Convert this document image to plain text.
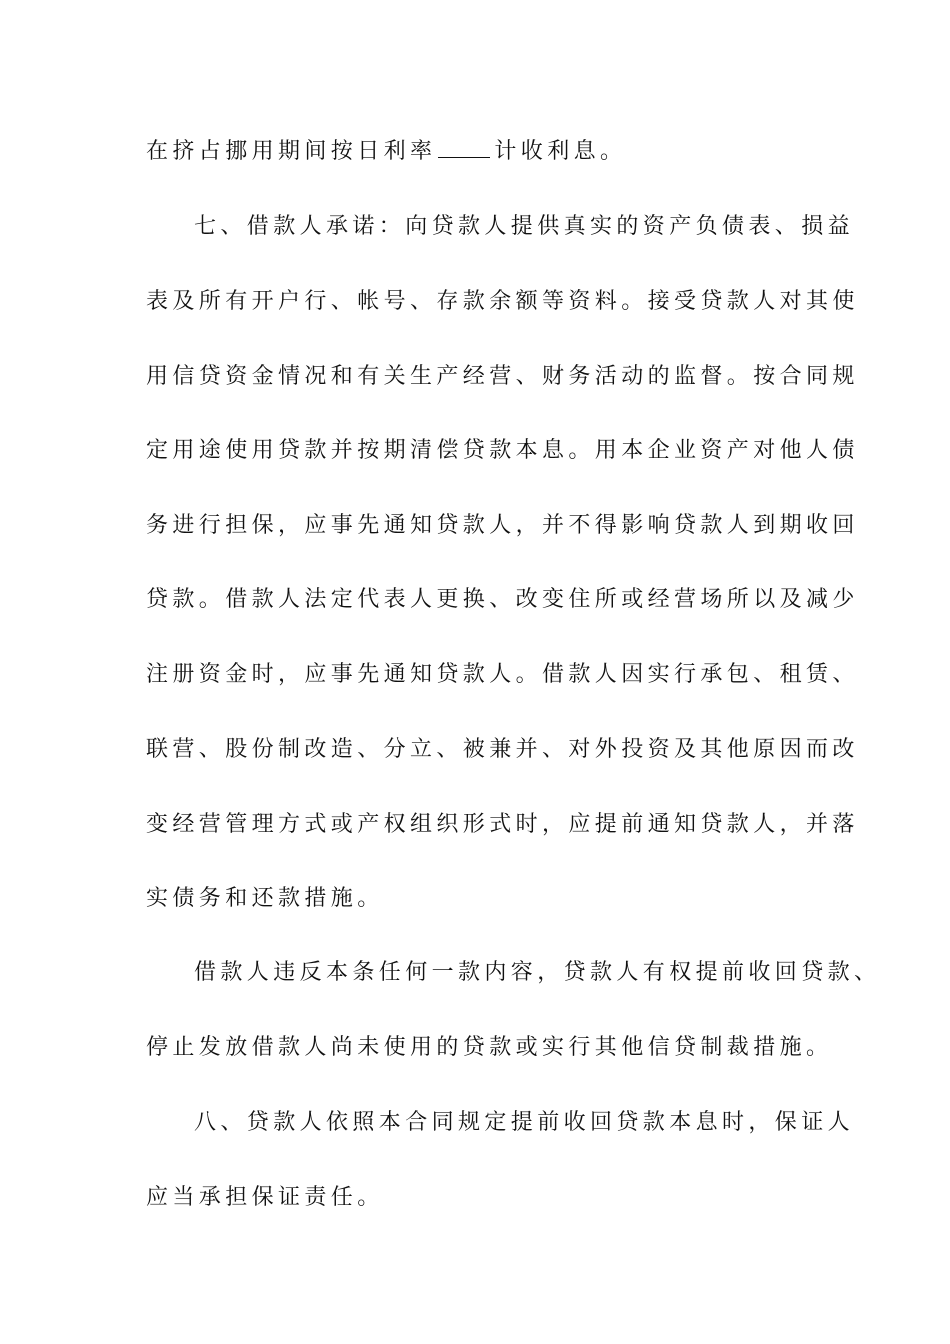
在挤占挪用期间按日利率	计收利息。
七、借款人承诺：向贷款人提供真实的资产负债表、损益
表及所有开户行、帐号、存款余额等资料。接受贷款人对其使
用信贷资金情况和有关生产经营、财务活动的监督。按合同规
定用途使用贷款并按期清偿贷款本息。用本企业资产对他人债
务进行担保，应事先通知贷款人，并不得影响贷款人到期收回
贷款。借款人法定代表人更换、改变住所或经营场所以及减少
注册资金时，应事先通知贷款人。借款人因实行承包、租赁、
联营、股份制改造、分立、被兼并、对外投资及其他原因而改
变经营管理方式或产权组织形式时，应提前通知贷款人，并落
实债务和还款措施。
借款人违反本条任何一款内容，贷款人有权提前收回贷款、
停止发放借款人尚未使用的贷款或实行其他信贷制裁措施。
八、贷款人依照本合同规定提前收回贷款本息时，保证人
应当承担保证责任。
